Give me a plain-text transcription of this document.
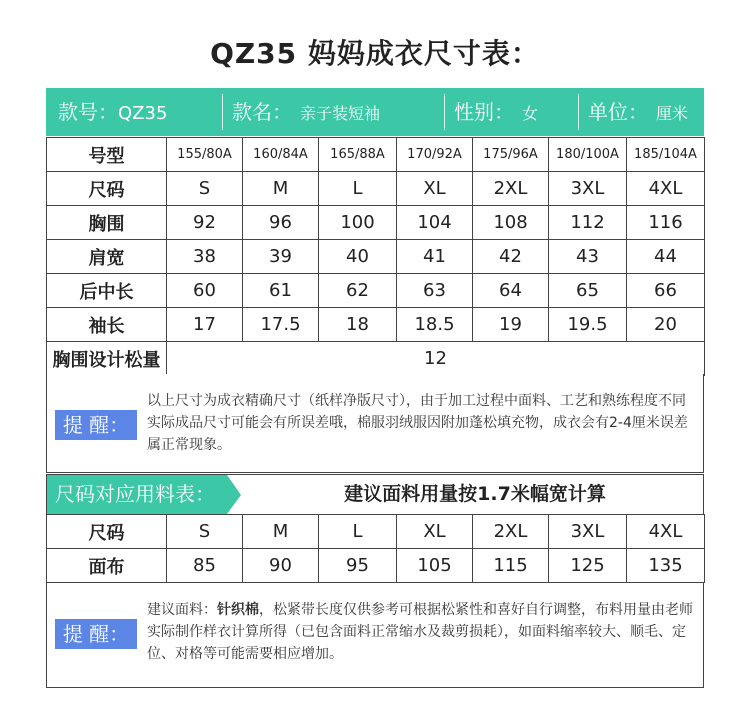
QZ35 妈妈成衣尺寸表：
款号：QZ35	款名： 亲子装短袖	性别： 女 单位： 厘米
号型	155/80A	160/84A	165/88A	170/92A	175/96A	180/100A	185/104A
尺码	S	M	L	XL	2XL	3XL	4XL
胸围	92	96	100	104	108	112	116
肩宽	38	39	40	41	42	43	44
后中长	60	61	62	63	64	65	66
袖长	17	17.5	18	18.5	19	19.5	20
胸围设计松量	12						
提 醒：
以上尺寸为成衣精确尺寸（纸样净版尺寸），由于加工过程中面料、工艺和熟练程度不同实际成品尺寸可能会有所误差哦，棉服羽绒服因附加蓬松填充物，成衣会有2-4厘米误差属正常现象。
尺码对应用料表：	建议面料用量按1.7米幅宽计算
尺码	S	M	L	XL	2XL	3XL	4XL
面布	85	90	95	105	115	125	135
提 醒：
建议面料：针织棉，松紧带长度仅供参考可根据松紧性和喜好自行调整，布料用量由老师实际制作样衣计算所得（已包含面料正常缩水及裁剪损耗），如面料缩率较大、顺毛、定位、对格等可能需要相应增加。
